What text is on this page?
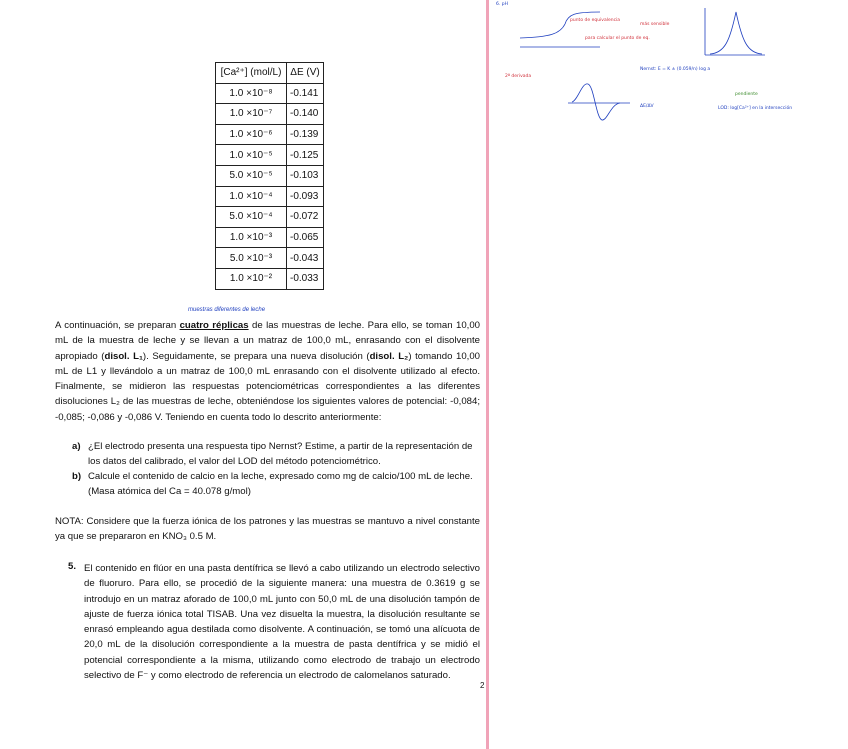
[Ca²⁺] (mol/L)	ΔE (V)
1.0 ×10⁻⁸	-0.141
1.0 ×10⁻⁷	-0.140
1.0 ×10⁻⁶	-0.139
1.0 ×10⁻⁵	-0.125
5.0 ×10⁻⁵	-0.103
1.0 ×10⁻⁴	-0.093
5.0 ×10⁻⁴	-0.072
1.0 ×10⁻³	-0.065
5.0 ×10⁻³	-0.043
1.0 ×10⁻²	-0.033
muestras diferentes de leche
A continuación, se preparan cuatro réplicas de las muestras de leche. Para ello, se toman 10,00 mL de la muestra de leche y se llevan a un matraz de 100,0 mL, enrasando con el disolvente apropiado (disol. L₁). Seguidamente, se prepara una nueva disolución (disol. L₂) tomando 10,00 mL de L1 y llevándolo a un matraz de 100,0 mL enrasando con el disolvente utilizado al efecto. Finalmente, se midieron las respuestas potenciométricas correspondientes a las diferentes disoluciones L₂ de las muestras de leche, obteniéndose los siguientes valores de potencial: -0,084; -0,085; -0,086 y -0,086 V. Teniendo en cuenta todo lo descrito anteriormente:
a) ¿El electrodo presenta una respuesta tipo Nernst? Estime, a partir de la representación de los datos del calibrado, el valor del LOD del método potenciométrico.
b) Calcule el contenido de calcio en la leche, expresado como mg de calcio/100 mL de leche. (Masa atómica del Ca = 40.078 g/mol)
NOTA: Considere que la fuerza iónica de los patrones y las muestras se mantuvo a nivel constante ya que se prepararon en KNO₃ 0.5 M.
5. El contenido en flúor en una pasta dentífrica se llevó a cabo utilizando un electrodo selectivo de fluoruro. Para ello, se procedió de la siguiente manera: una muestra de 0.3619 g se introdujo en un matraz aforado de 100,0 mL junto con 50,0 mL de una disolución tampón de ajuste de fuerza iónica total TISAB. Una vez disuelta la muestra, la disolución resultante se enrasó empleando agua destilada como disolvente. A continuación, se tomó una alícuota de 20,0 mL de la disolución correspondiente a la muestra de pasta dentífrica y se midió el potencial correspondiente a la misma, utilizando como electrodo de trabajo un electrodo selectivo de F⁻ y como electrodo de referencia un electrodo de calomelanos saturado.
2
6. pH
punto de equivalencia
más sensible
para calcular el punto de eq.
2ª derivada
Nernst: E = K ± (0.059/n) log a
pendiente
ΔE/ΔV	LOD: log[Ca²⁺] en la intersección
